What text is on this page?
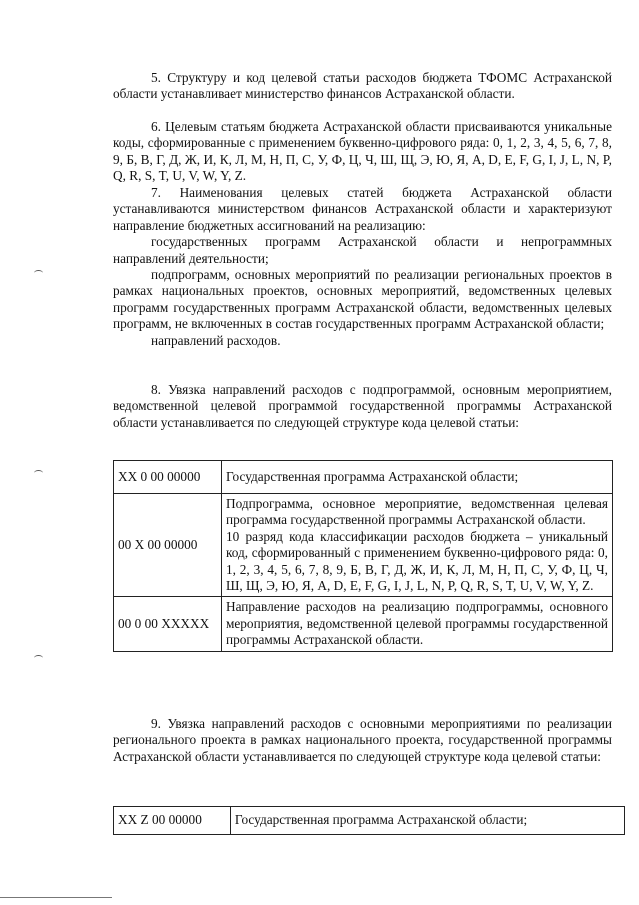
5. Структуру и код целевой статьи расходов бюджета ТФОМС Астраханской области устанавливает министерство финансов Астраханской области.

6. Целевым статьям бюджета Астраханской области присваиваются уникальные коды, сформированные с применением буквенно-цифрового ряда: 0, 1, 2, 3, 4, 5, 6, 7, 8, 9, Б, В, Г, Д, Ж, И, К, Л, М, Н, П, С, У, Ф, Ц, Ч, Ш, Щ, Э, Ю, Я, A, D, E, F, G, I, J, L, N, P, Q, R, S, T, U, V, W, Y, Z.

7. Наименования целевых статей бюджета Астраханской области устанавливаются министерством финансов Астраханской области и характеризуют направление бюджетных ассигнований на реализацию:

государственных программ Астраханской области и непрограммных направлений деятельности;

подпрограмм, основных мероприятий по реализации региональных проектов в рамках национальных проектов, основных мероприятий, ведомственных целевых программ государственных программ Астраханской области, ведомственных целевых программ, не включенных в состав государственных программ Астраханской области;

направлений расходов.

8. Увязка направлений расходов с подпрограммой, основным мероприятием, ведомственной целевой программой государственной программы Астраханской области устанавливается по следующей структуре кода целевой статьи:

ХХ 0 00 00000	Государственная программа Астраханской области;

00 Х 00 00000	Подпрограмма, основное мероприятие, ведомственная целевая программа государственной программы Астраханской области.

10 разряд кода классификации расходов бюджета – уникальный код, сформированный с применением буквенно-цифрового ряда: 0, 1, 2, 3, 4, 5, 6, 7, 8, 9, Б, В, Г, Д, Ж, И, К, Л, М, Н, П, С, У, Ф, Ц, Ч, Ш, Щ, Э, Ю, Я, A, D, E, F, G, I, J, L, N, P, Q, R, S, T, U, V, W, Y, Z.

00 0 00 ХХХХХ	Направление расходов на реализацию подпрограммы, основного мероприятия, ведомственной целевой программы государственной программы Астраханской области.

9. Увязка направлений расходов с основными мероприятиями по реализации регионального проекта в рамках национального проекта, государственной программы Астраханской области устанавливается по следующей структуре кода целевой статьи:

ХХ Z 00 00000	Государственная программа Астраханской области;
